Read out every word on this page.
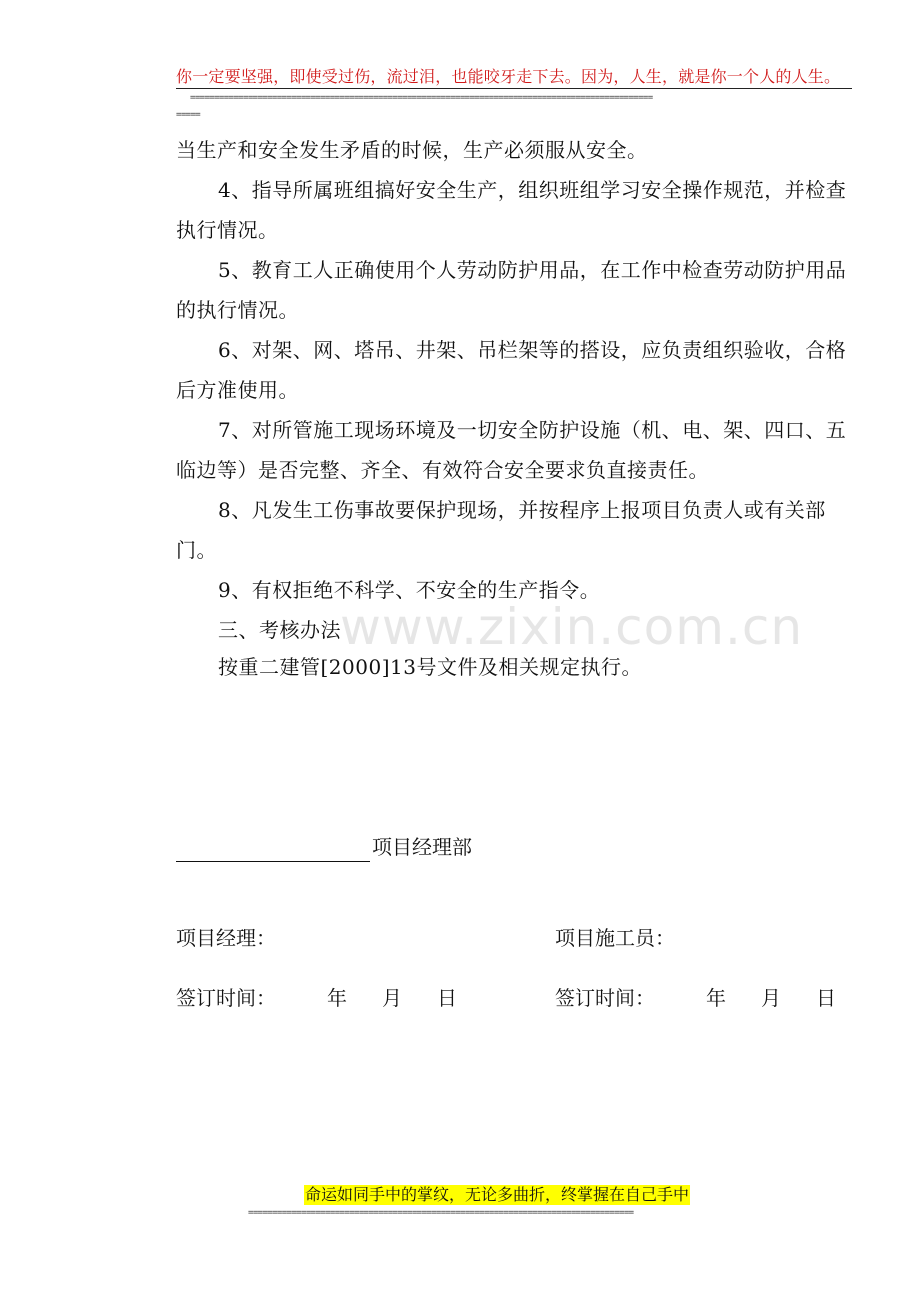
你一定要坚强，即使受过伤，流过泪，也能咬牙走下去。因为，人生，就是你一个人的人生。
================================================================================================
=====
www.zixin.com.cn

当生产和安全发生矛盾的时候，生产必须服从安全。

4、指导所属班组搞好安全生产，组织班组学习安全操作规范，并检查执行情况。

5、教育工人正确使用个人劳动防护用品，在工作中检查劳动防护用品的执行情况。

6、对架、网、塔吊、井架、吊栏架等的搭设，应负责组织验收，合格后方准使用。

7、对所管施工现场环境及一切安全防护设施（机、电、架、四口、五临边等）是否完整、齐全、有效符合安全要求负直接责任。

8、凡发生工伤事故要保护现场，并按程序上报项目负责人或有关部门。

9、有权拒绝不科学、不安全的生产指令。

三、考核办法

按重二建管[2000]13号文件及相关规定执行。

项目经理部
项目经理：	项目施工员：
签订时间：	年 月 日	签订时间：	年 月 日
命运如同手中的掌纹，无论多曲折，终掌握在自己手中
================================================================================
